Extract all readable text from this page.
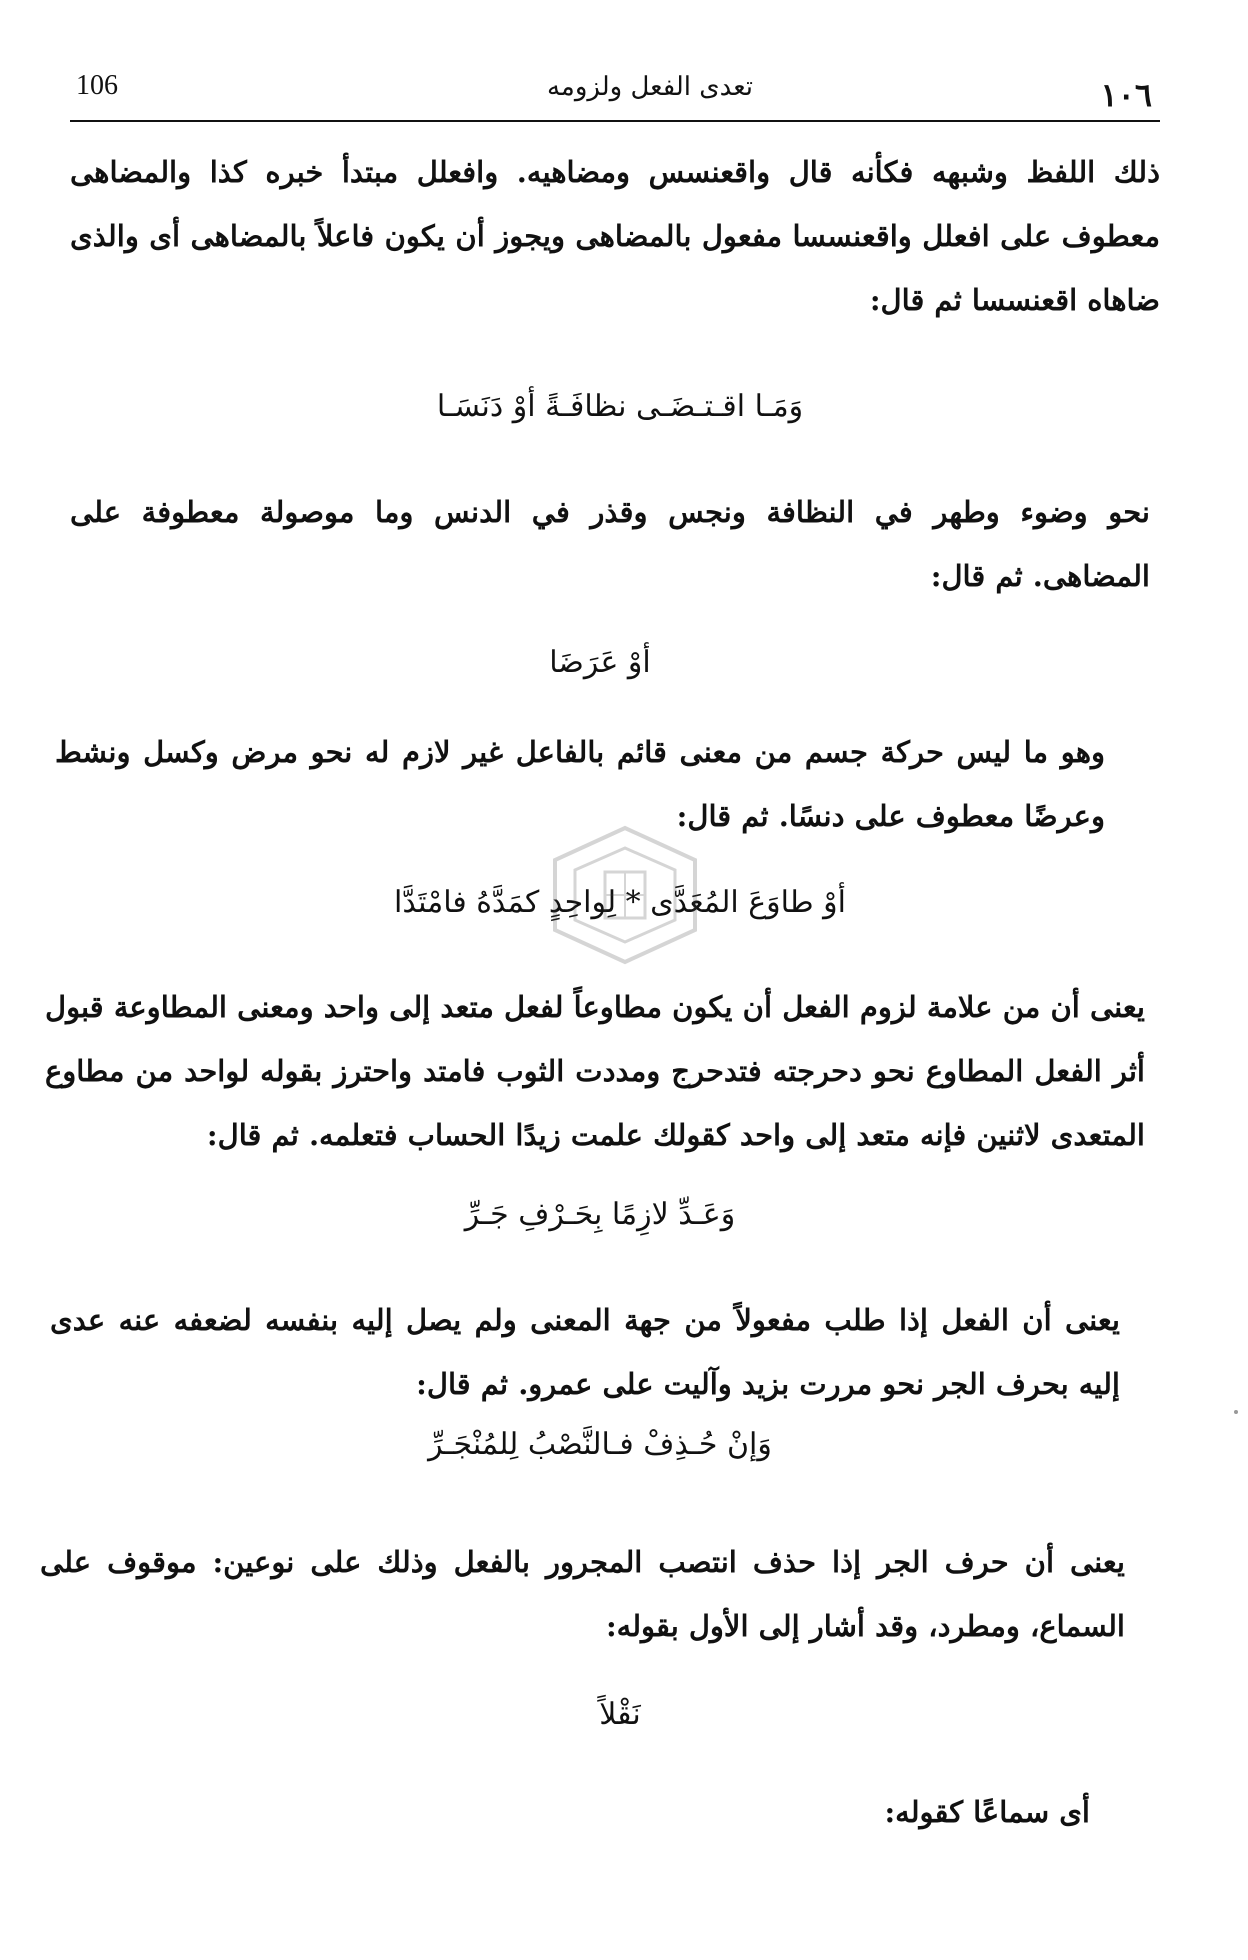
106	تعدى الفعل ولزومه	١٠٦
ذلك اللفظ وشبهه فكأنه قال واقعنسس ومضاهيه. وافعلل مبتدأ خبره كذا والمضاهى معطوف على افعلل واقعنسسا مفعول بالمضاهى ويجوز أن يكون فاعلاً بالمضاهى أى والذى ضاهاه اقعنسسا ثم قال:
وَمَـا اقـتـضَـى نظافَـةً أوْ دَنَسَـا
نحو وضوء وطهر في النظافة ونجس وقذر في الدنس وما موصولة معطوفة على المضاهى. ثم قال:
أوْ عَرَضَا
وهو ما ليس حركة جسم من معنى قائم بالفاعل غير لازم له نحو مرض وكسل ونشط وعرضًا معطوف على دنسًا. ثم قال:
أوْ طاوَعَ المُعَدَّى * لِواحِدٍ كمَدَّهُ فامْتَدَّا
يعنى أن من علامة لزوم الفعل أن يكون مطاوعاً لفعل متعد إلى واحد ومعنى المطاوعة قبول أثر الفعل المطاوع نحو دحرجته فتدحرج ومددت الثوب فامتد واحترز بقوله لواحد من مطاوع المتعدى لاثنين فإنه متعد إلى واحد كقولك علمت زيدًا الحساب فتعلمه. ثم قال:
وَعَـدِّ لازِمًا بِحَـرْفِ جَـرِّ
يعنى أن الفعل إذا طلب مفعولاً من جهة المعنى ولم يصل إليه بنفسه لضعفه عنه عدى إليه بحرف الجر نحو مررت بزيد وآليت على عمرو. ثم قال:
وَإنْ حُـذِفْ فـالنَّصْبُ لِلمُنْجَـرِّ
يعنى أن حرف الجر إذا حذف انتصب المجرور بالفعل وذلك على نوعين: موقوف على السماع، ومطرد، وقد أشار إلى الأول بقوله:
نَقْلاً
أى سماعًا كقوله:
